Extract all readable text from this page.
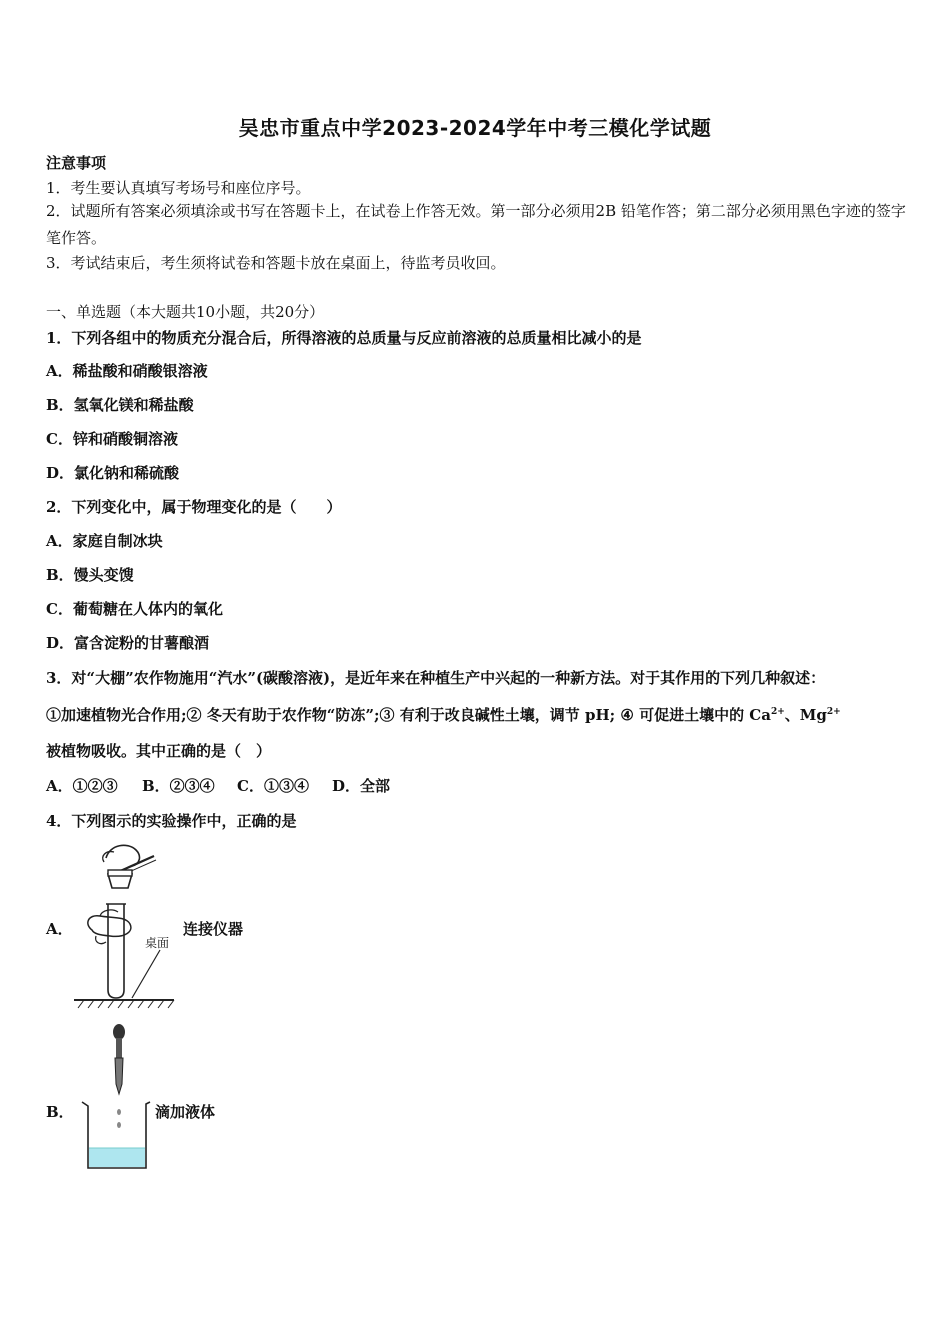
吴忠市重点中学2023-2024学年中考三模化学试题
注意事项
1．考生要认真填写考场号和座位序号。
2．试题所有答案必须填涂或书写在答题卡上，在试卷上作答无效。第一部分必须用2B 铅笔作答；第二部分必须用黑色字迹的签字笔作答。
3．考试结束后，考生须将试卷和答题卡放在桌面上，待监考员收回。
一、单选题（本大题共10小题，共20分）
1．下列各组中的物质充分混合后，所得溶液的总质量与反应前溶液的总质量相比减小的是
A．稀盐酸和硝酸银溶液
B．氢氧化镁和稀盐酸
C．锌和硝酸铜溶液
D．氯化钠和稀硫酸
2．下列变化中，属于物理变化的是（　　）
A．家庭自制冰块
B．馒头变馊
C．葡萄糖在人体内的氧化
D．富含淀粉的甘薯酿酒
3．对“大棚”农作物施用“汽水”(碳酸溶液)，是近年来在种植生产中兴起的一种新方法。对于其作用的下列几种叙述：
①加速植物光合作用;② 冬天有助于农作物“防冻”;③ 有利于改良碱性土壤，调节 pH; ④ 可促进土壤中的 $Ca^{2+}$、$Mg^{2+}$
被植物吸收。其中正确的是（　）
A．①②③ B．②③④ C．①③④ D．全部
4．下列图示的实验操作中，正确的是
A．
桌面
连接仪器
B．	滴加液体
